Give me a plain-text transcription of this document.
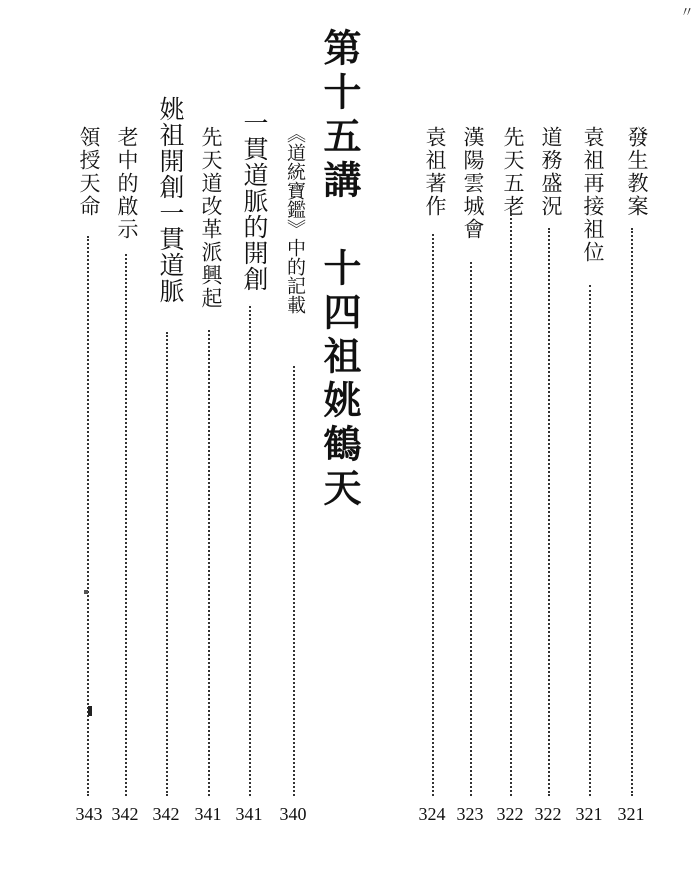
第十五講　十四祖姚鶴天	發生教案
321
袁祖再接祖位
321
道務盛況
322
先天五老
322
漢陽雲城會
323
袁祖著作
324
《道統寶鑑》中的記載
340
一貫道脈的開創
341
先天道改革派興起
341
姚祖開創一貫道脈
342
老中的啟示
342
領授天命
343
〃
